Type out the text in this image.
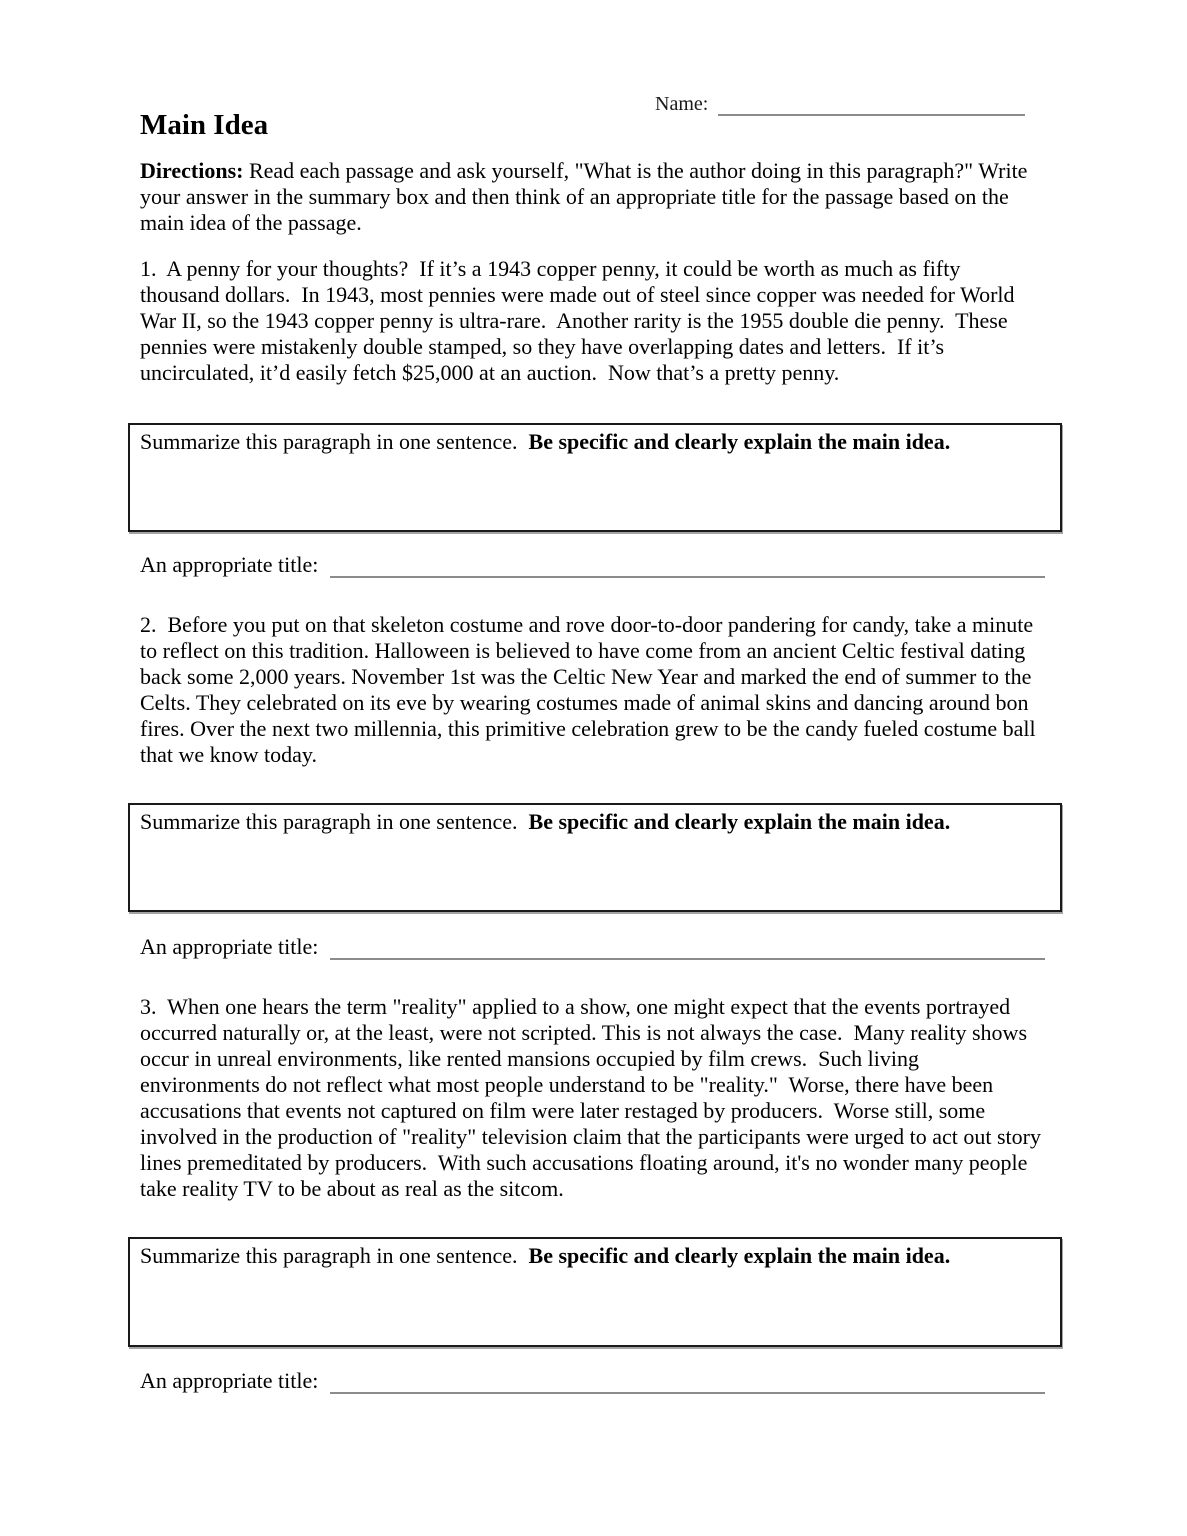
Name:
Main Idea

Directions: Read each passage and ask yourself, "What is the author doing in this paragraph?" Write your answer in the summary box and then think of an appropriate title for the passage based on the main idea of the passage.

1.  A penny for your thoughts?  If it’s a 1943 copper penny, it could be worth as much as fifty thousand dollars.  In 1943, most pennies were made out of steel since copper was needed for World War II, so the 1943 copper penny is ultra-rare.  Another rarity is the 1955 double die penny.  These pennies were mistakenly double stamped, so they have overlapping dates and letters.  If it’s uncirculated, it’d easily fetch $25,000 at an auction.  Now that’s a pretty penny.

Summarize this paragraph in one sentence.  Be specific and clearly explain the main idea.

An appropriate title:

2.  Before you put on that skeleton costume and rove door-to-door pandering for candy, take a minute to reflect on this tradition. Halloween is believed to have come from an ancient Celtic festival dating back some 2,000 years. November 1st was the Celtic New Year and marked the end of summer to the Celts. They celebrated on its eve by wearing costumes made of animal skins and dancing around bon fires. Over the next two millennia, this primitive celebration grew to be the candy fueled costume ball that we know today.

Summarize this paragraph in one sentence.  Be specific and clearly explain the main idea.

An appropriate title:

3.  When one hears the term "reality" applied to a show, one might expect that the events portrayed occurred naturally or, at the least, were not scripted. This is not always the case.  Many reality shows occur in unreal environments, like rented mansions occupied by film crews.  Such living environments do not reflect what most people understand to be "reality."  Worse, there have been accusations that events not captured on film were later restaged by producers.  Worse still, some involved in the production of "reality" television claim that the participants were urged to act out story lines premeditated by producers.  With such accusations floating around, it's no wonder many people take reality TV to be about as real as the sitcom.

Summarize this paragraph in one sentence.  Be specific and clearly explain the main idea.

An appropriate title:
